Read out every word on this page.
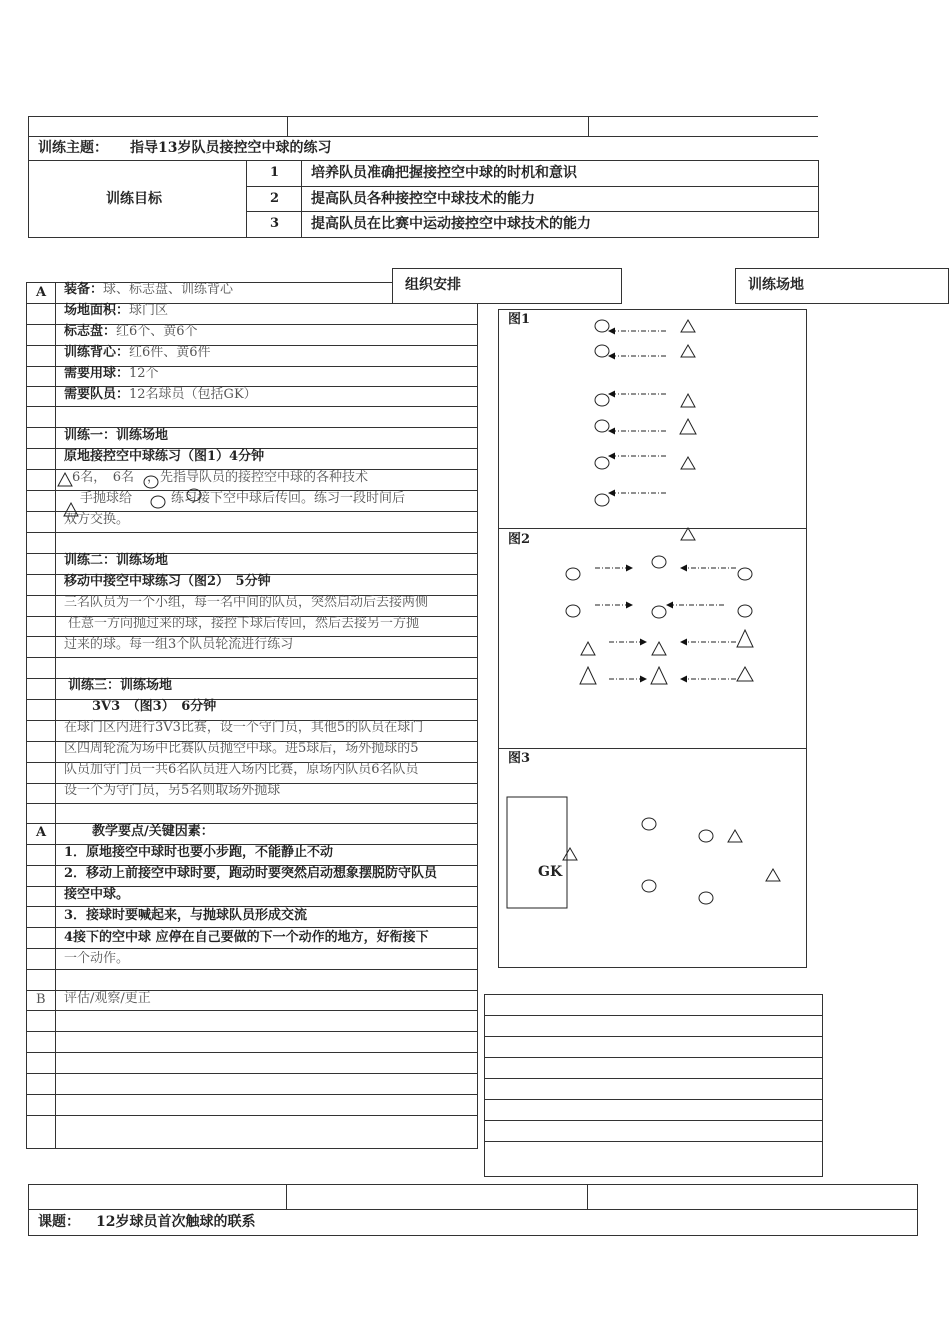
训练主题： 指导13岁队员接控空中球的练习
训练目标
1 培养队员准确把握接控空中球的时机和意识
2 提高队员各种接控空中球技术的能力
3 提高队员在比赛中运动接控空中球技术的能力
组织安排	训练场地
A 装备：球、标志盘、训练背心
场地面积：球门区
标志盘：红6个、黄6个
训练背心：红6件、黄6件
需要用球：12个
需要队员：12名球员（包括GK）
训练一：训练场地
原地接控空中球练习（图1）4分钟
6名，　6名　，先指导队员的接控空中球的各种技术
手抛球给　　　练习接下空中球后传回。练习一段时间后
双方交换。
训练二：训练场地
移动中接空中球练习（图2）　5分钟
三名队员为一个小组，每一名中间的队员，突然启动后去接两侧
任意一方向抛过来的球，接控下球后传回，然后去接另一方抛
过来的球。每一组3个队员轮流进行练习
训练三：训练场地
3V3　（图3）　6分钟
在球门区内进行3V3比赛，设一个守门员，其他5的队员在球门
区四周轮流为场中比赛队员抛空中球。进5球后，场外抛球的5
队员加守门员一共6名队员进入场内比赛，原场内队员6名队员
设一个为守门员，另5名则取场外抛球
A	教学要点/关键因素：
1．原地接空中球时也要小步跑，不能静止不动
2．移动上前接空中球时要，跑动时要突然启动想象摆脱防守队员
接空中球。
3．接球时要喊起来，与抛球队员形成交流
4接下的空中球 应停在自己要做的下一个动作的地方，好衔接下
一个动作。
B 评估/观察/更正
图1
图2
图3
GK
课题： 12岁球员首次触球的联系
